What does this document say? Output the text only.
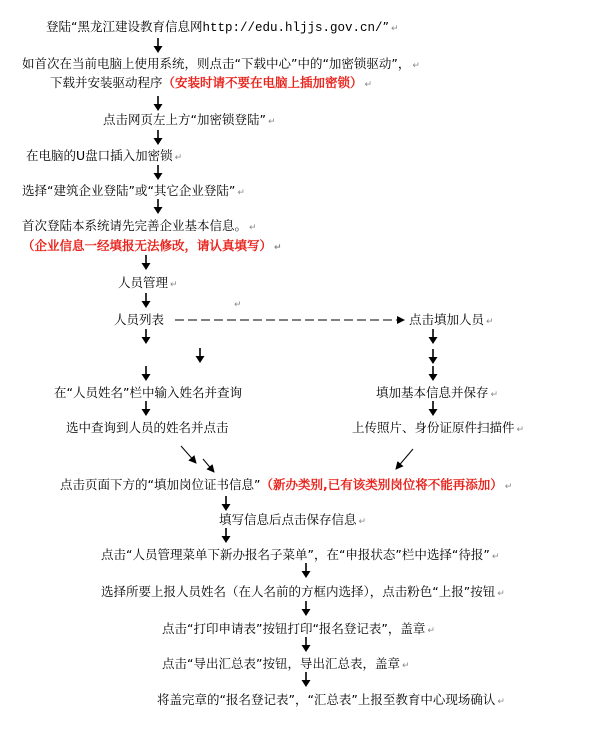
登陆“黑龙江建设教育信息网http://edu.hljjs.gov.cn/” ↵
如首次在当前电脑上使用系统，则点击“下载中心”中的“加密锁驱动”， ↵
下载并安装驱动程序（安装时请不要在电脑上插加密锁） ↵
点击网页左上方“加密锁登陆” ↵
在电脑的U盘口插入加密锁 ↵
选择“建筑企业登陆”或“其它企业登陆” ↵
首次登陆本系统请先完善企业基本信息。 ↵
（企业信息一经填报无法修改，请认真填写） ↵
人员管理 ↵
↵
人员列表	点击填加人员 ↵
在“人员姓名”栏中输入姓名并查询	填加基本信息并保存 ↵
选中查询到人员的姓名并点击	上传照片、身份证原件扫描件 ↵
点击页面下方的“填加岗位证书信息”（新办类别,已有该类别岗位将不能再添加） ↵
填写信息后点击保存信息 ↵
点击“人员管理菜单下新办报名子菜单”，在“申报状态”栏中选择“待报” ↵
选择所要上报人员姓名（在人名前的方框内选择），点击粉色“上报”按钮 ↵
点击“打印申请表”按钮打印“报名登记表”，盖章 ↵
点击“导出汇总表”按钮，导出汇总表，盖章 ↵
将盖完章的“报名登记表”，“汇总表”上报至教育中心现场确认 ↵
